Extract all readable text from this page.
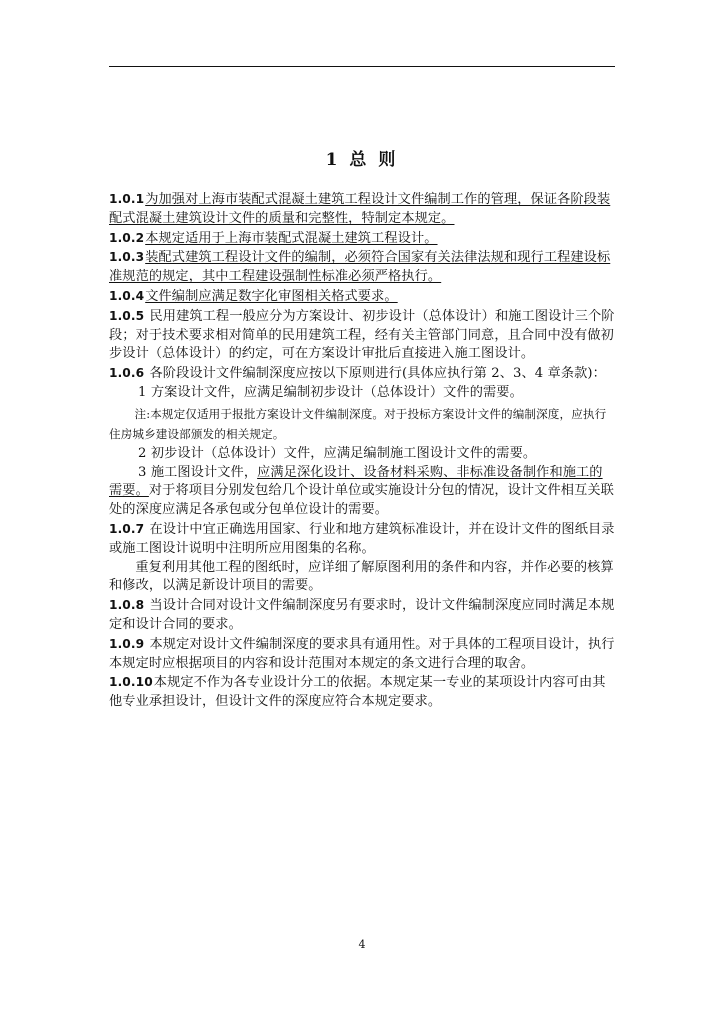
1 总 则

1.0.1为加强对上海市装配式混凝土建筑工程设计文件编制工作的管理，保证各阶段装配式混凝土建筑设计文件的质量和完整性，特制定本规定。

1.0.2本规定适用于上海市装配式混凝土建筑工程设计。

1.0.3装配式建筑工程设计文件的编制，必须符合国家有关法律法规和现行工程建设标准规范的规定，其中工程建设强制性标准必须严格执行。

1.0.4文件编制应满足数字化审图相关格式要求。

1.0.5 民用建筑工程一般应分为方案设计、初步设计（总体设计）和施工图设计三个阶段；对于技术要求相对简单的民用建筑工程，经有关主管部门同意，且合同中没有做初步设计（总体设计）的约定，可在方案设计审批后直接进入施工图设计。

1.0.6 各阶段设计文件编制深度应按以下原则进行(具体应执行第 2、3、4 章条款)：

1 方案设计文件，应满足编制初步设计（总体设计）文件的需要。

注:本规定仅适用于报批方案设计文件编制深度。对于投标方案设计文件的编制深度，应执行住房城乡建设部颁发的相关规定。

2 初步设计（总体设计）文件，应满足编制施工图设计文件的需要。

3 施工图设计文件，应满足深化设计、设备材料采购、非标准设备制作和施工的需要。对于将项目分别发包给几个设计单位或实施设计分包的情况，设计文件相互关联处的深度应满足各承包或分包单位设计的需要。

1.0.7 在设计中宜正确选用国家、行业和地方建筑标准设计，并在设计文件的图纸目录或施工图设计说明中注明所应用图集的名称。

重复利用其他工程的图纸时，应详细了解原图利用的条件和内容，并作必要的核算和修改，以满足新设计项目的需要。

1.0.8 当设计合同对设计文件编制深度另有要求时，设计文件编制深度应同时满足本规定和设计合同的要求。

1.0.9 本规定对设计文件编制深度的要求具有通用性。对于具体的工程项目设计，执行本规定时应根据项目的内容和设计范围对本规定的条文进行合理的取舍。

1.0.10本规定不作为各专业设计分工的依据。本规定某一专业的某项设计内容可由其他专业承担设计，但设计文件的深度应符合本规定要求。

4
